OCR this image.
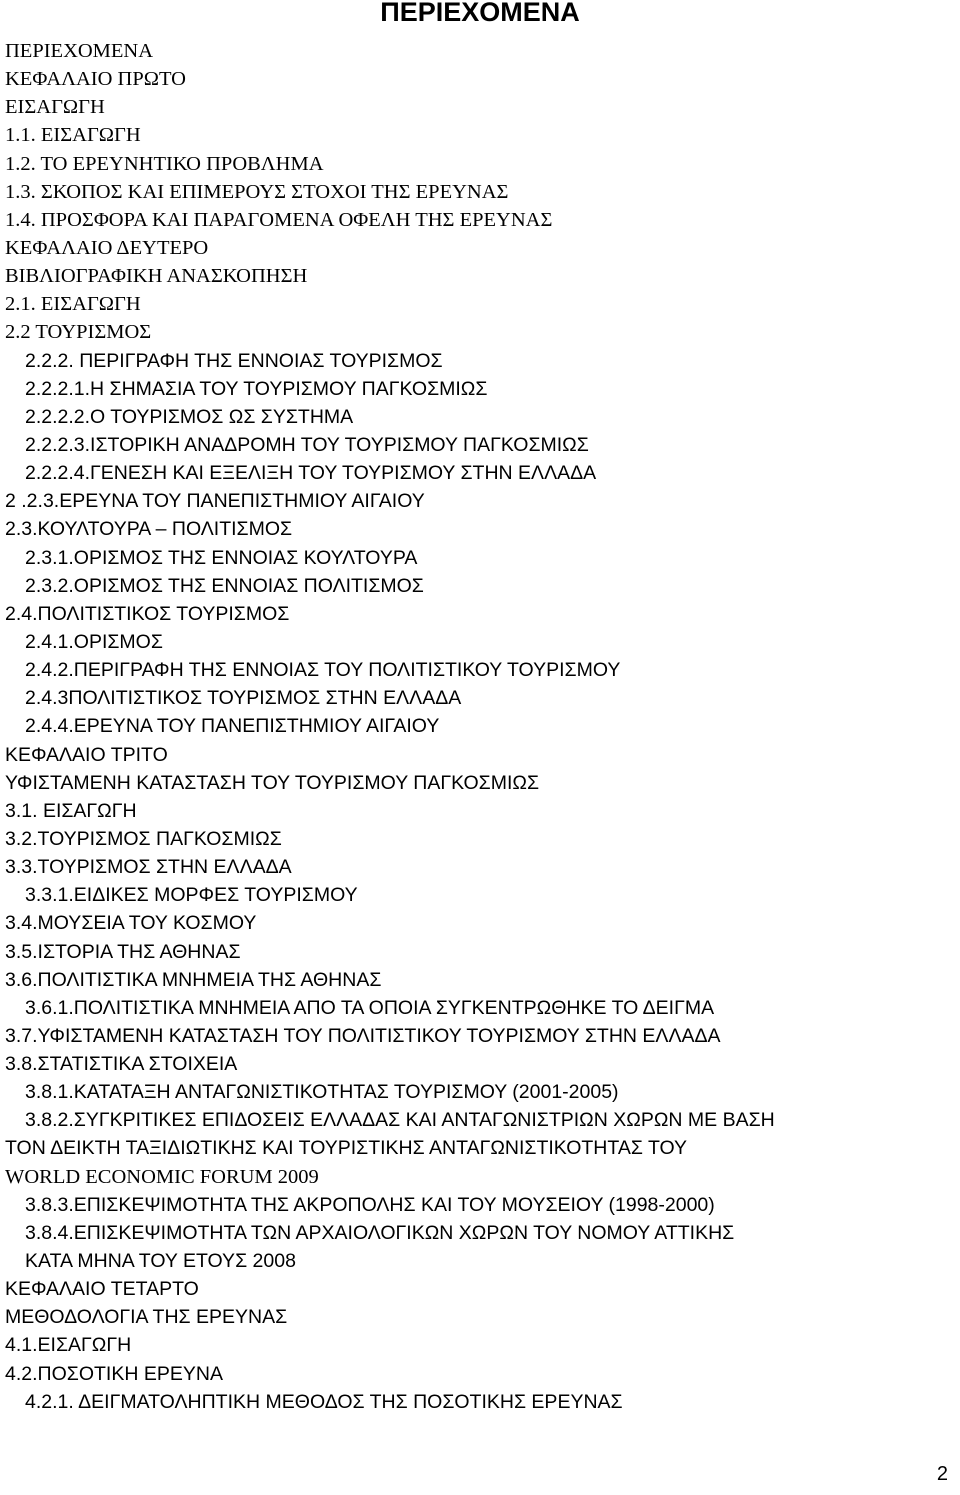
ΠΕΡΙΕΧΟΜΕΝΑ
ΠΕΡΙΕΧΟΜΕΝΑ
ΚΕΦΑΛΑΙΟ ΠΡΩΤΟ
ΕΙΣΑΓΩΓΗ
1.1. ΕΙΣΑΓΩΓΗ
1.2. ΤΟ ΕΡΕΥΝΗΤΙΚΟ ΠΡΟΒΛΗΜΑ
1.3. ΣΚΟΠΟΣ ΚΑΙ ΕΠΙΜΕΡΟΥΣ ΣΤΟΧΟΙ ΤΗΣ ΕΡΕΥΝΑΣ
1.4. ΠΡΟΣΦΟΡΑ ΚΑΙ ΠΑΡΑΓΟΜΕΝΑ ΟΦΕΛΗ ΤΗΣ ΕΡΕΥΝΑΣ
ΚΕΦΑΛΑΙΟ ΔΕΥΤΕΡΟ
ΒΙΒΛΙΟΓΡΑΦΙΚΗ ΑΝΑΣΚΟΠΗΣΗ
2.1. ΕΙΣΑΓΩΓΗ
2.2 ΤΟΥΡΙΣΜΟΣ
2.2.2. ΠΕΡΙΓΡΑΦΗ ΤΗΣ ΕΝΝΟΙΑΣ ΤΟΥΡΙΣΜΟΣ
2.2.2.1.Η ΣΗΜΑΣΙΑ ΤΟΥ ΤΟΥΡΙΣΜΟΥ ΠΑΓΚΟΣΜΙΩΣ
2.2.2.2.Ο ΤΟΥΡΙΣΜΟΣ ΩΣ ΣΥΣΤΗΜΑ
2.2.2.3.ΙΣΤΟΡΙΚΗ ΑΝΑΔΡΟΜΗ ΤΟΥ ΤΟΥΡΙΣΜΟΥ ΠΑΓΚΟΣΜΙΩΣ
2.2.2.4.ΓΕΝΕΣΗ ΚΑΙ ΕΞΕΛΙΞΗ ΤΟΥ ΤΟΥΡΙΣΜΟΥ ΣΤΗΝ ΕΛΛΑΔΑ
2 .2.3.ΕΡΕΥΝΑ ΤΟΥ ΠΑΝΕΠΙΣΤΗΜΙΟΥ ΑΙΓΑΙΟΥ
2.3.ΚΟΥΛΤΟΥΡΑ – ΠΟΛΙΤΙΣΜΟΣ
2.3.1.ΟΡΙΣΜΟΣ ΤΗΣ ΕΝΝΟΙΑΣ ΚΟΥΛΤΟΥΡΑ
2.3.2.ΟΡΙΣΜΟΣ ΤΗΣ ΕΝΝΟΙΑΣ ΠΟΛΙΤΙΣΜΟΣ
2.4.ΠΟΛΙΤΙΣΤΙΚΟΣ ΤΟΥΡΙΣΜΟΣ
2.4.1.ΟΡΙΣΜΟΣ
2.4.2.ΠΕΡΙΓΡΑΦΗ ΤΗΣ ΕΝΝΟΙΑΣ ΤΟΥ ΠΟΛΙΤΙΣΤΙΚΟΥ ΤΟΥΡΙΣΜΟΥ
2.4.3ΠΟΛΙΤΙΣΤΙΚΟΣ ΤΟΥΡΙΣΜΟΣ ΣΤΗΝ ΕΛΛΑΔΑ
2.4.4.ΕΡΕΥΝΑ ΤΟΥ ΠΑΝΕΠΙΣΤΗΜΙΟΥ ΑΙΓΑΙΟΥ
ΚΕΦΑΛΑΙΟ ΤΡΙΤΟ
ΥΦΙΣΤΑΜΕΝΗ ΚΑΤΑΣΤΑΣΗ ΤΟΥ ΤΟΥΡΙΣΜΟΥ ΠΑΓΚΟΣΜΙΩΣ
3.1. ΕΙΣΑΓΩΓΗ
3.2.ΤΟΥΡΙΣΜΟΣ ΠΑΓΚΟΣΜΙΩΣ
3.3.ΤΟΥΡΙΣΜΟΣ ΣΤΗΝ ΕΛΛΑΔΑ
3.3.1.ΕΙΔΙΚΕΣ ΜΟΡΦΕΣ ΤΟΥΡΙΣΜΟΥ
3.4.ΜΟΥΣΕΙΑ ΤΟΥ ΚΟΣΜΟΥ
3.5.ΙΣΤΟΡΙΑ ΤΗΣ ΑΘΗΝΑΣ
3.6.ΠΟΛΙΤΙΣΤΙΚΑ ΜΝΗΜΕΙΑ ΤΗΣ ΑΘΗΝΑΣ
3.6.1.ΠΟΛΙΤΙΣΤΙΚΑ ΜΝΗΜΕΙΑ ΑΠΟ ΤΑ ΟΠΟΙΑ ΣΥΓΚΕΝΤΡΩΘΗΚΕ ΤΟ ΔΕΙΓΜΑ
3.7.ΥΦΙΣΤΑΜΕΝΗ ΚΑΤΑΣΤΑΣΗ ΤΟΥ ΠΟΛΙΤΙΣΤΙΚΟΥ ΤΟΥΡΙΣΜΟΥ ΣΤΗΝ ΕΛΛΑΔΑ
3.8.ΣΤΑΤΙΣΤΙΚΑ ΣΤΟΙΧΕΙΑ
3.8.1.ΚΑΤΑΤΑΞΗ ΑΝΤΑΓΩΝΙΣΤΙΚΟΤΗΤΑΣ ΤΟΥΡΙΣΜΟΥ (2001-2005)
3.8.2.ΣΥΓΚΡΙΤΙΚΕΣ ΕΠΙΔΟΣΕΙΣ ΕΛΛΑΔΑΣ ΚΑΙ ΑΝΤΑΓΩΝΙΣΤΡΙΩΝ ΧΩΡΩΝ ΜΕ ΒΑΣΗ
ΤΟΝ ΔΕΙΚΤΗ ΤΑΞΙΔΙΩΤΙΚΗΣ ΚΑΙ ΤΟΥΡΙΣΤΙΚΗΣ ΑΝΤΑΓΩΝΙΣΤΙΚΟΤΗΤΑΣ ΤΟΥ
WORLD ECONOMIC FORUM 2009
3.8.3.ΕΠΙΣΚΕΨΙΜΟΤΗΤΑ ΤΗΣ ΑΚΡΟΠΟΛΗΣ ΚΑΙ ΤΟΥ ΜΟΥΣΕΙΟΥ (1998-2000)
3.8.4.ΕΠΙΣΚΕΨΙΜΟΤΗΤΑ ΤΩΝ ΑΡΧΑΙΟΛΟΓΙΚΩΝ ΧΩΡΩΝ ΤΟΥ ΝΟΜΟΥ ΑΤΤΙΚΗΣ
ΚΑΤΑ ΜΗΝΑ ΤΟΥ ΕΤΟΥΣ 2008
ΚΕΦΑΛΑΙΟ ΤΕΤΑΡΤΟ
ΜΕΘΟΔΟΛΟΓΙΑ ΤΗΣ ΕΡΕΥΝΑΣ
4.1.ΕΙΣΑΓΩΓΗ
4.2.ΠΟΣΟΤΙΚΗ ΕΡΕΥΝΑ
4.2.1. ΔΕΙΓΜΑΤΟΛΗΠΤΙΚΗ ΜΕΘΟΔΟΣ ΤΗΣ ΠΟΣΟΤΙΚΗΣ ΕΡΕΥΝΑΣ
2
